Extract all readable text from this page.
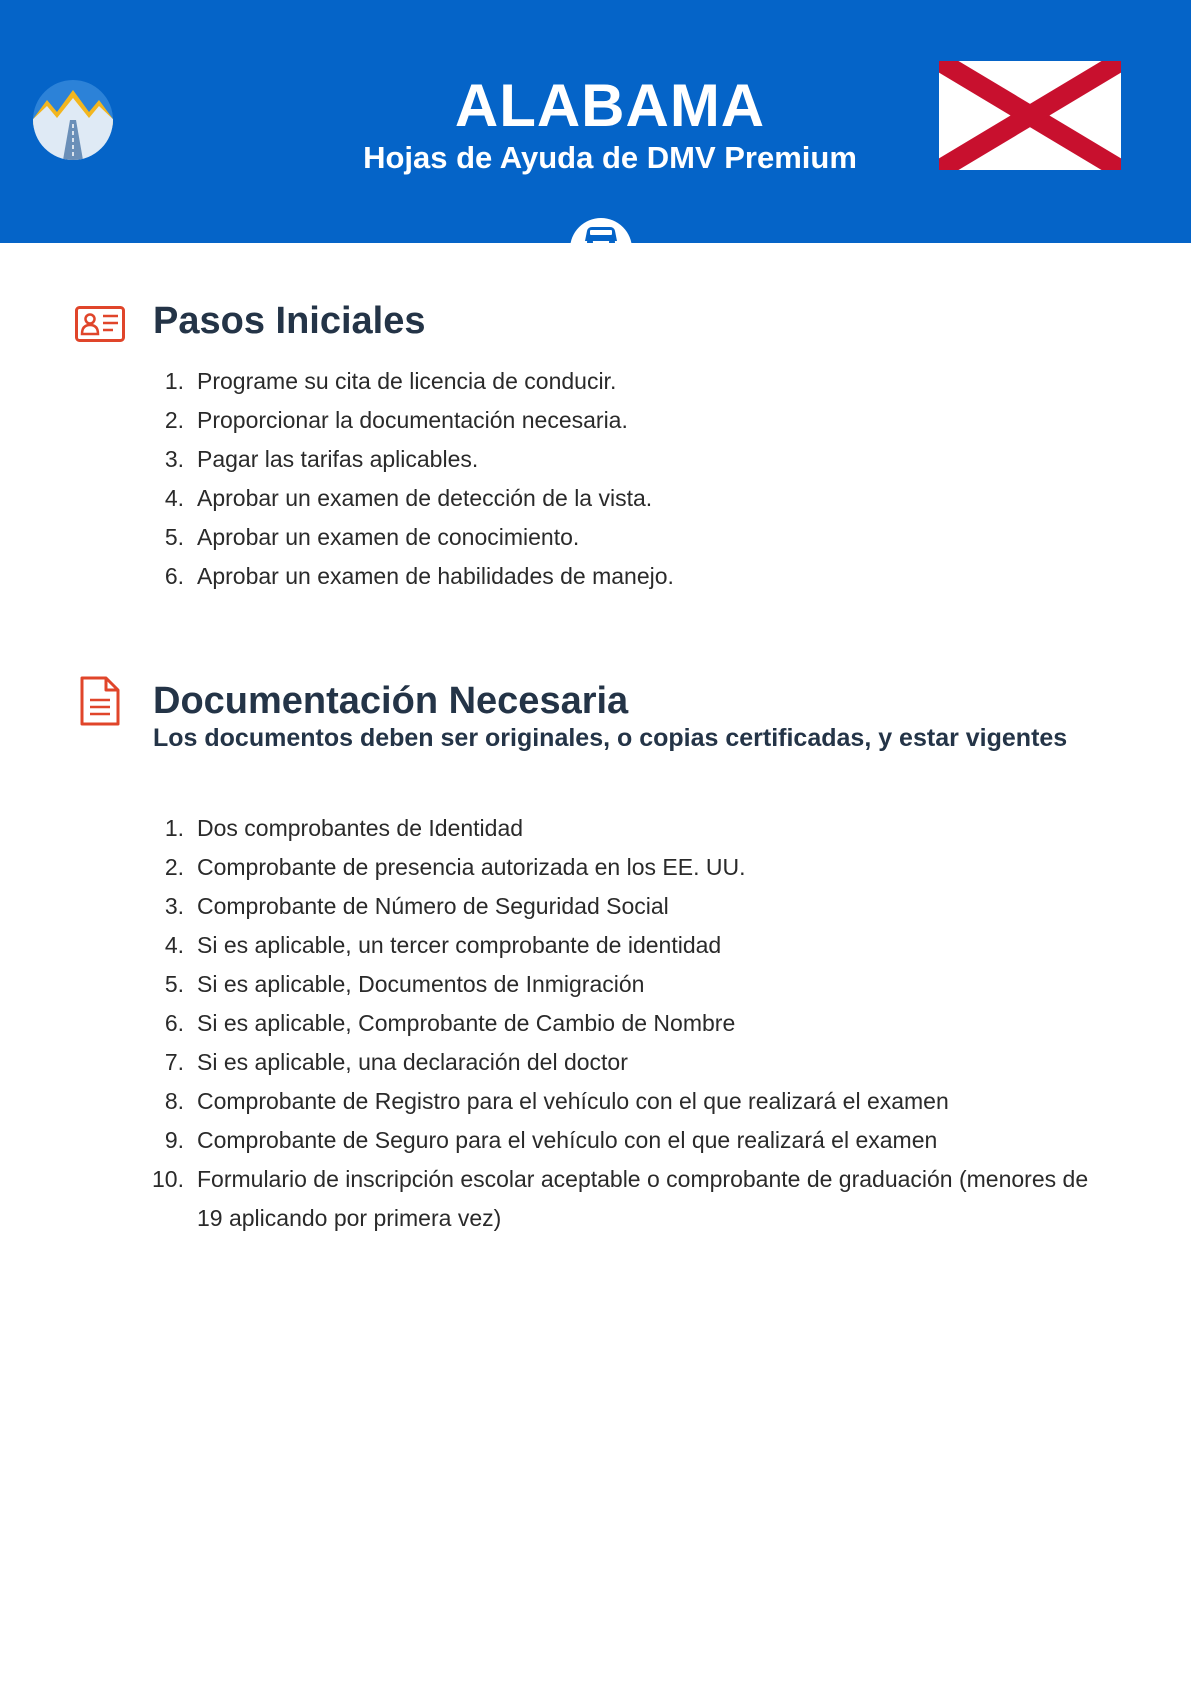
ALABAMA
Hojas de Ayuda de DMV Premium
Pasos Iniciales
1. Programe su cita de licencia de conducir.
2. Proporcionar la documentación necesaria.
3. Pagar las tarifas aplicables.
4. Aprobar un examen de detección de la vista.
5. Aprobar un examen de conocimiento.
6. Aprobar un examen de habilidades de manejo.
Documentación Necesaria

Los documentos deben ser originales, o copias certificadas, y estar vigentes

1. Dos comprobantes de Identidad
2. Comprobante de presencia autorizada en los EE. UU.
3. Comprobante de Número de Seguridad Social
4. Si es aplicable, un tercer comprobante de identidad
5. Si es aplicable, Documentos de Inmigración
6. Si es aplicable, Comprobante de Cambio de Nombre
7. Si es aplicable, una declaración del doctor
8. Comprobante de Registro para el vehículo con el que realizará el examen
9. Comprobante de Seguro para el vehículo con el que realizará el examen
10. Formulario de inscripción escolar aceptable o comprobante de graduación (menores de 19 aplicando por primera vez)
